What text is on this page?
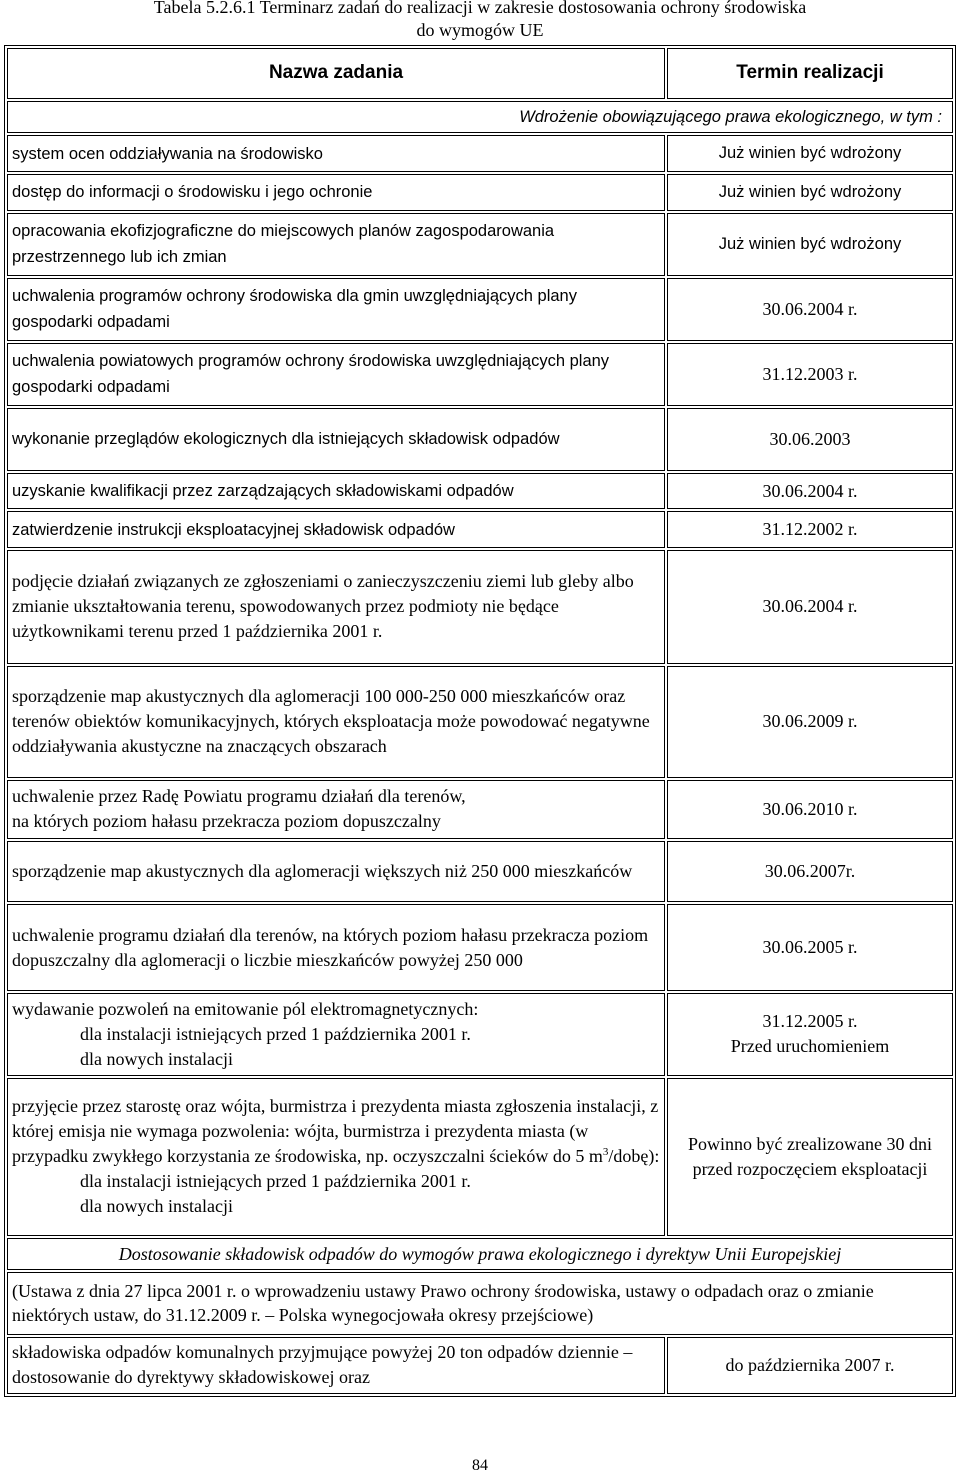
Tabela 5.2.6.1 Terminarz zadań do realizacji w zakresie dostosowania ochrony środowiska
do wymogów UE
Nazwa zadania	Termin realizacji
Wdrożenie obowiązującego prawa ekologicznego, w tym :	
system ocen oddziaływania na środowisko	Już winien być wdrożony
dostęp do informacji o środowisku i jego ochronie	Już winien być wdrożony
opracowania ekofizjograficzne do miejscowych planów zagospodarowania przestrzennego lub ich zmian	Już winien być wdrożony
uchwalenia programów ochrony środowiska dla gmin uwzględniających plany gospodarki odpadami	30.06.2004 r.
uchwalenia powiatowych programów ochrony środowiska uwzględniających plany gospodarki odpadami	31.12.2003 r.
wykonanie przeglądów ekologicznych dla istniejących składowisk odpadów	30.06.2003
uzyskanie kwalifikacji przez zarządzających składowiskami odpadów	30.06.2004 r.
zatwierdzenie instrukcji eksploatacyjnej składowisk odpadów	31.12.2002 r.
podjęcie działań związanych ze zgłoszeniami o zanieczyszczeniu ziemi lub gleby albo zmianie ukształtowania terenu, spowodowanych przez podmioty nie będące użytkownikami terenu przed 1 października 2001 r.	30.06.2004 r.
sporządzenie map akustycznych dla aglomeracji 100 000-250 000 mieszkańców oraz terenów obiektów komunikacyjnych, których eksploatacja może powodować negatywne oddziaływania akustyczne na znaczących obszarach	30.06.2009 r.

uchwalenie przez Radę Powiatu programu działań dla terenów,
na których poziom hałasu przekracza poziom dopuszczalny	30.06.2010 r.
sporządzenie map akustycznych dla aglomeracji większych niż 250 000 mieszkańców	30.06.2007r.
uchwalenie programu działań dla terenów, na których poziom hałasu przekracza poziom dopuszczalny dla aglomeracji o liczbie mieszkańców powyżej 250 000	30.06.2005 r.

wydawanie pozwoleń na emitowanie pól elektromagnetycznych:
dla instalacji istniejących przed 1 października 2001 r.
dla nowych instalacji	31.12.2005 r.
Przed uruchomieniem

przyjęcie przez starostę oraz wójta, burmistrza i prezydenta miasta zgłoszenia instalacji, z której emisja nie wymaga pozwolenia: wójta, burmistrza i prezydenta miasta (w przypadku zwykłego korzystania ze środowiska, np. oczyszczalni ścieków do 5 $m^3/dobę$):
dla instalacji istniejących przed 1 października 2001 r.
dla nowych instalacji	Powinno być zrealizowane 30 dni przed rozpoczęciem eksploatacji
Dostosowanie składowisk odpadów do wymogów prawa ekologicznego i dyrektyw Unii Europejskiej	
(Ustawa z dnia 27 lipca 2001 r. o wprowadzeniu ustawy Prawo ochrony środowiska, ustawy o odpadach oraz o zmianie niektórych ustaw, do 31.12.2009 r. – Polska wynegocjowała okresy przejściowe)	
składowiska odpadów komunalnych przyjmujące powyżej 20 ton odpadów dziennie – dostosowanie do dyrektywy składowiskowej oraz	do października 2007 r.
84
